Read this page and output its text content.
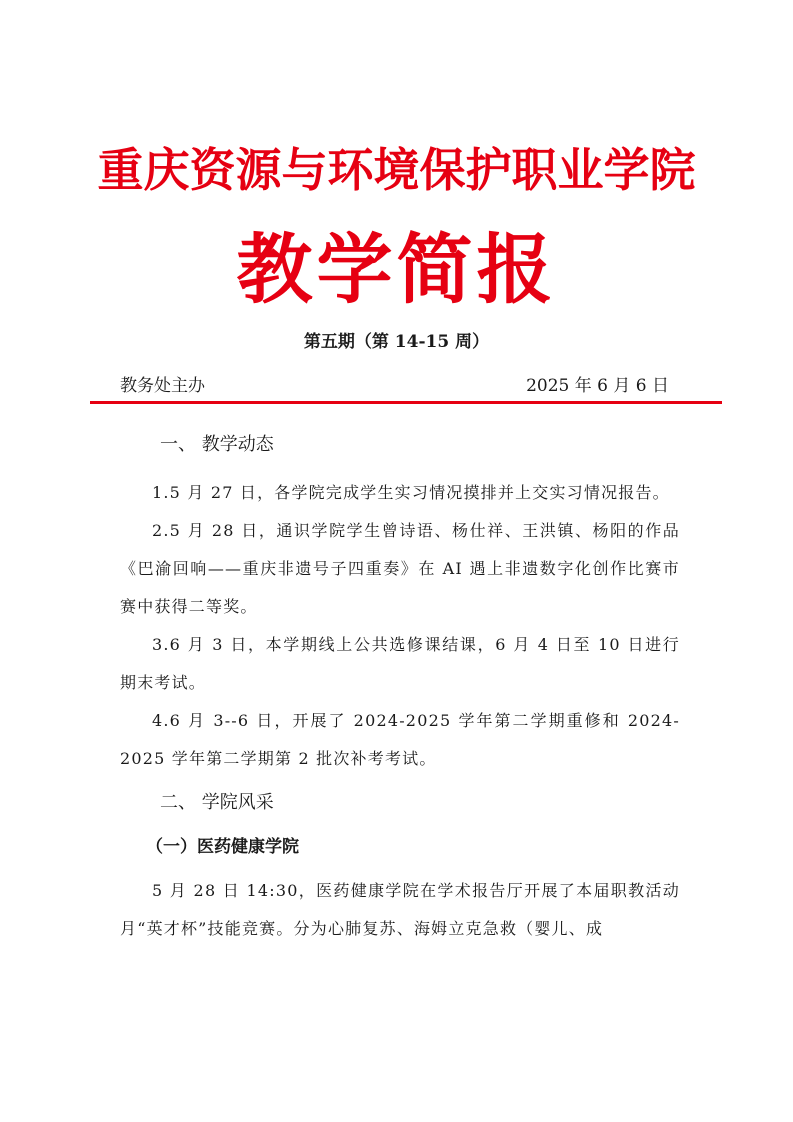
重庆资源与环境保护职业学院
教学简报
第五期（第 14-15 周）
教务处主办	2025 年 6 月 6 日
一、 教学动态

1.5 月 27 日，各学院完成学生实习情况摸排并上交实习情况报告。

2.5 月 28 日，通识学院学生曾诗语、杨仕祥、王洪镇、杨阳的作品《巴渝回响——重庆非遗号子四重奏》在 AI 遇上非遗数字化创作比赛市赛中获得二等奖。

3.6 月 3 日，本学期线上公共选修课结课，6 月 4 日至 10 日进行期末考试。

4.6 月 3--6 日，开展了 2024-2025 学年第二学期重修和 2024-2025 学年第二学期第 2 批次补考考试。

二、 学院风采
（一）医药健康学院

5 月 28 日 14:30，医药健康学院在学术报告厅开展了本届职教活动月“英才杯”技能竞赛。分为心肺复苏、海姆立克急救（婴儿、成
